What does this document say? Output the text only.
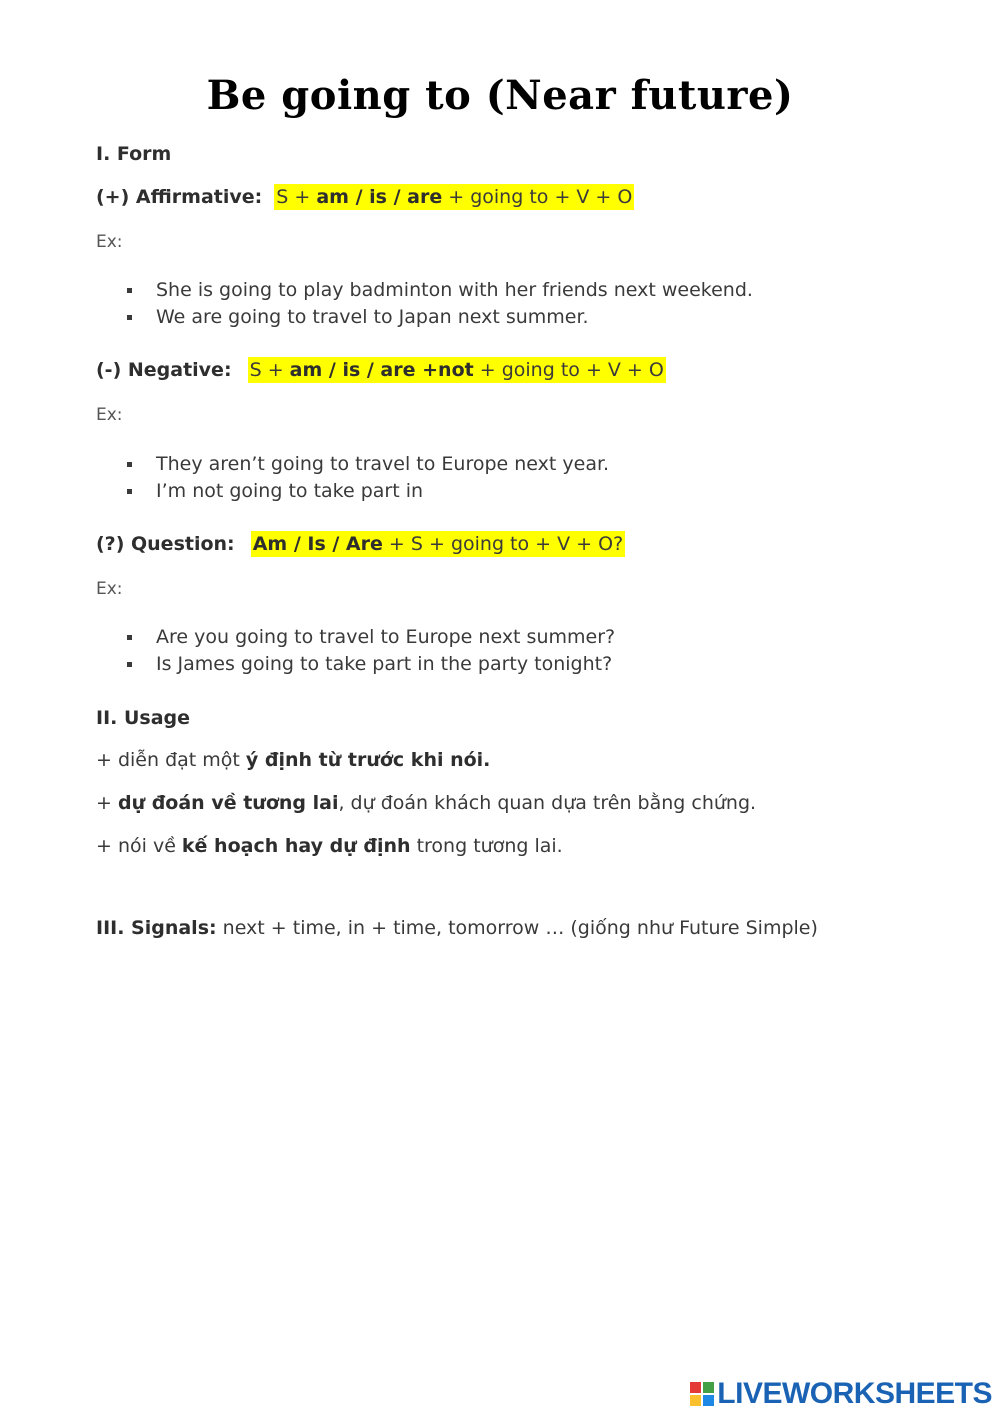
Be going to (Near future)
I. Form
(+) Affirmative: S + am / is / are + going to + V + O
Ex:
She is going to play badminton with her friends next weekend.
We are going to travel to Japan next summer.
(-) Negative: S + am / is / are +not + going to + V + O
Ex:
They aren’t going to travel to Europe next year.
I’m not going to take part in
(?) Question: Am / Is / Are + S + going to + V + O?
Ex:
Are you going to travel to Europe next summer?
Is James going to take part in the party tonight?
II. Usage
+ diễn đạt một ý định từ trước khi nói.
+ dự đoán về tương lai, dự đoán khách quan dựa trên bằng chứng.
+ nói về kế hoạch hay dự định trong tương lai.
III. Signals: next + time, in + time, tomorrow … (giống như Future Simple)
LIVEWORKSHEETS
